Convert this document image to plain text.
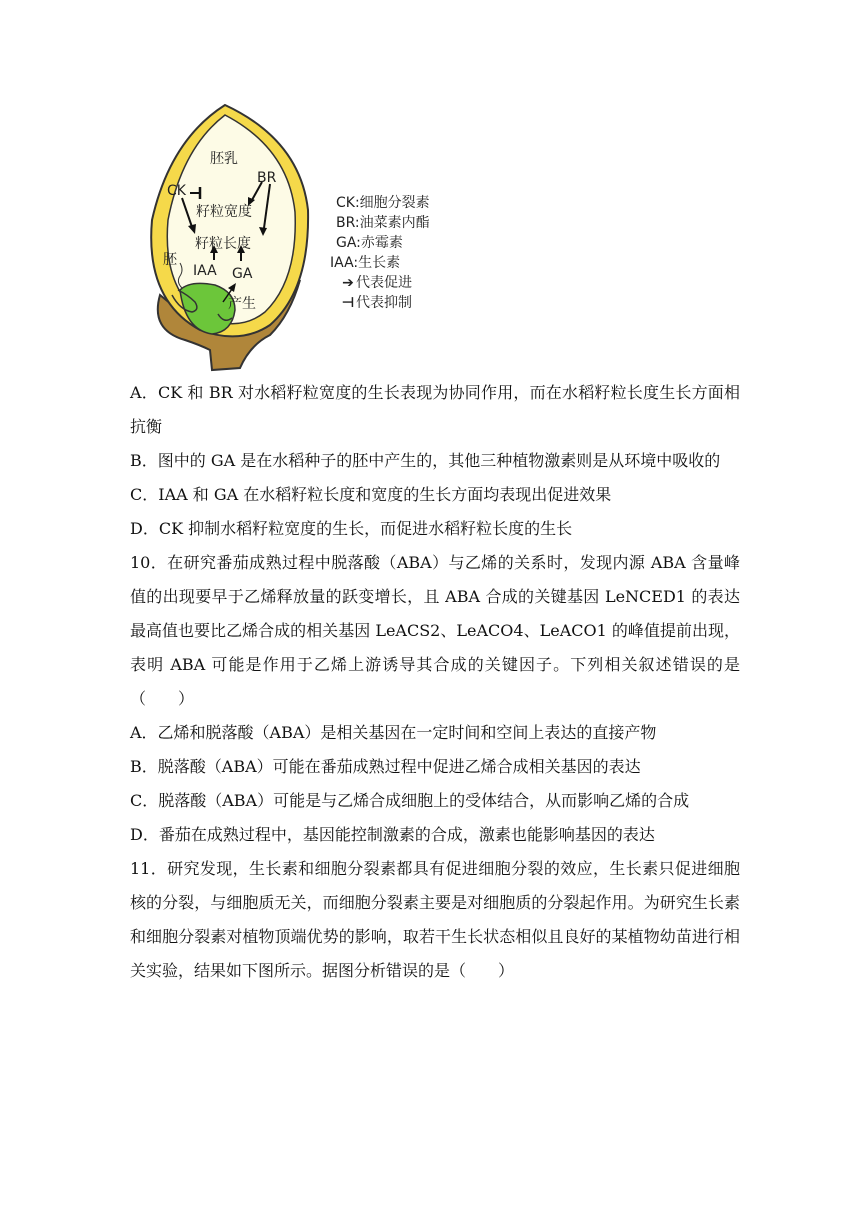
胚乳
CK
BR
籽粒宽度
籽粒长度
胚
IAA GA
产生
CK:细胞分裂素
BR:油菜素内酯
GA:赤霉素
IAA:生长素
➔ 代表促进
⊣ 代表抑制

A．CK 和 BR 对水稻籽粒宽度的生长表现为协同作用，而在水稻籽粒长度生长方面相抗衡

B．图中的 GA 是在水稻种子的胚中产生的，其他三种植物激素则是从环境中吸收的

C．IAA 和 GA 在水稻籽粒长度和宽度的生长方面均表现出促进效果

D．CK 抑制水稻籽粒宽度的生长，而促进水稻籽粒长度的生长

10．在研究番茄成熟过程中脱落酸（ABA）与乙烯的关系时，发现内源 ABA 含量峰值的出现要早于乙烯释放量的跃变增长，且 ABA 合成的关键基因 LeNCED1 的表达最高值也要比乙烯合成的相关基因 LeACS2、LeACO4、LeACO1 的峰值提前出现，表明 ABA 可能是作用于乙烯上游诱导其合成的关键因子。下列相关叙述错误的是（　　）

A．乙烯和脱落酸（ABA）是相关基因在一定时间和空间上表达的直接产物

B．脱落酸（ABA）可能在番茄成熟过程中促进乙烯合成相关基因的表达

C．脱落酸（ABA）可能是与乙烯合成细胞上的受体结合，从而影响乙烯的合成

D．番茄在成熟过程中，基因能控制激素的合成，激素也能影响基因的表达

11．研究发现，生长素和细胞分裂素都具有促进细胞分裂的效应，生长素只促进细胞核的分裂，与细胞质无关，而细胞分裂素主要是对细胞质的分裂起作用。为研究生长素和细胞分裂素对植物顶端优势的影响，取若干生长状态相似且良好的某植物幼苗进行相关实验，结果如下图所示。据图分析错误的是（　　）
